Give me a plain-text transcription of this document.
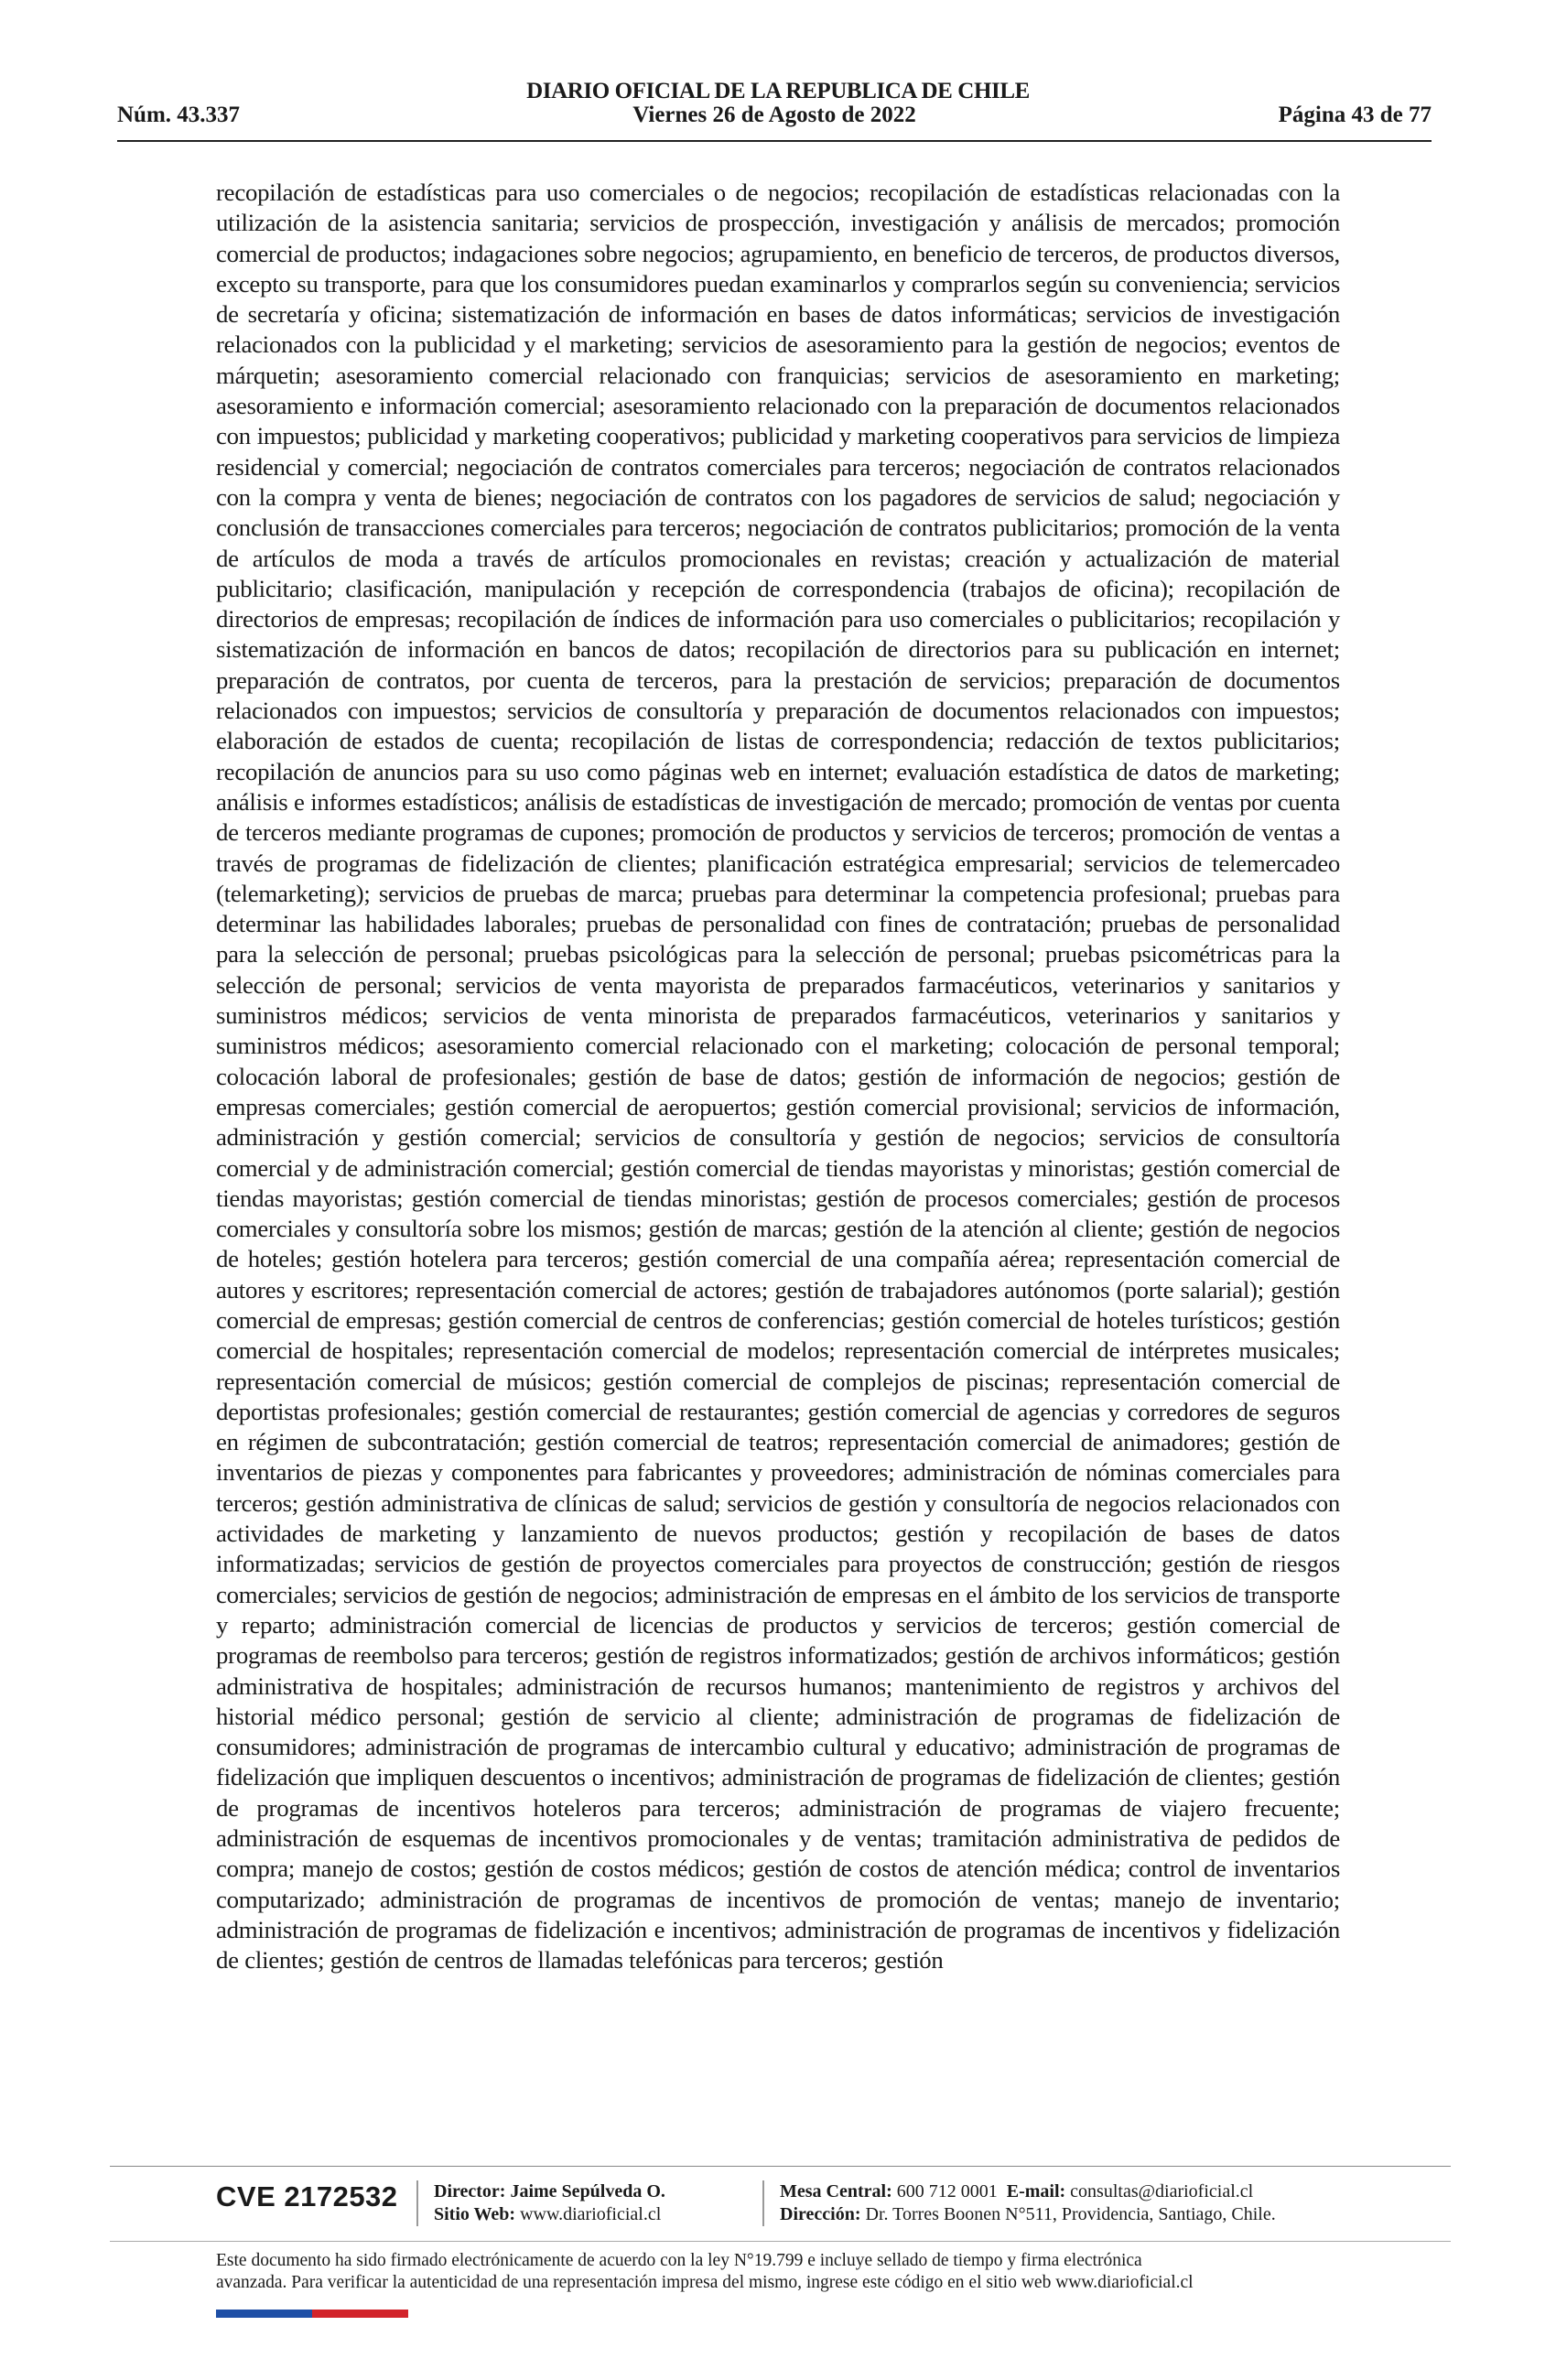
DIARIO OFICIAL DE LA REPUBLICA DE CHILE
Núm. 43.337	Viernes 26 de Agosto de 2022	Página 43 de 77
recopilación de estadísticas para uso comerciales o de negocios; recopilación de estadísticas relacionadas con la utilización de la asistencia sanitaria; servicios de prospección, investigación y análisis de mercados; promoción comercial de productos; indagaciones sobre negocios; agrupamiento, en beneficio de terceros, de productos diversos, excepto su transporte, para que los consumidores puedan examinarlos y comprarlos según su conveniencia; servicios de secretaría y oficina; sistematización de información en bases de datos informáticas; servicios de investigación relacionados con la publicidad y el marketing; servicios de asesoramiento para la gestión de negocios; eventos de márquetin; asesoramiento comercial relacionado con franquicias; servicios de asesoramiento en marketing; asesoramiento e información comercial; asesoramiento relacionado con la preparación de documentos relacionados con impuestos; publicidad y marketing cooperativos; publicidad y marketing cooperativos para servicios de limpieza residencial y comercial; negociación de contratos comerciales para terceros; negociación de contratos relacionados con la compra y venta de bienes; negociación de contratos con los pagadores de servicios de salud; negociación y conclusión de transacciones comerciales para terceros; negociación de contratos publicitarios; promoción de la venta de artículos de moda a través de artículos promocionales en revistas; creación y actualización de material publicitario; clasificación, manipulación y recepción de correspondencia (trabajos de oficina); recopilación de directorios de empresas; recopilación de índices de información para uso comerciales o publicitarios; recopilación y sistematización de información en bancos de datos; recopilación de directorios para su publicación en internet; preparación de contratos, por cuenta de terceros, para la prestación de servicios; preparación de documentos relacionados con impuestos; servicios de consultoría y preparación de documentos relacionados con impuestos; elaboración de estados de cuenta; recopilación de listas de correspondencia; redacción de textos publicitarios; recopilación de anuncios para su uso como páginas web en internet; evaluación estadística de datos de marketing; análisis e informes estadísticos; análisis de estadísticas de investigación de mercado; promoción de ventas por cuenta de terceros mediante programas de cupones; promoción de productos y servicios de terceros; promoción de ventas a través de programas de fidelización de clientes; planificación estratégica empresarial; servicios de telemercadeo (telemarketing); servicios de pruebas de marca; pruebas para determinar la competencia profesional; pruebas para determinar las habilidades laborales; pruebas de personalidad con fines de contratación; pruebas de personalidad para la selección de personal; pruebas psicológicas para la selección de personal; pruebas psicométricas para la selección de personal; servicios de venta mayorista de preparados farmacéuticos, veterinarios y sanitarios y suministros médicos; servicios de venta minorista de preparados farmacéuticos, veterinarios y sanitarios y suministros médicos; asesoramiento comercial relacionado con el marketing; colocación de personal temporal; colocación laboral de profesionales; gestión de base de datos; gestión de información de negocios; gestión de empresas comerciales; gestión comercial de aeropuertos; gestión comercial provisional; servicios de información, administración y gestión comercial; servicios de consultoría y gestión de negocios; servicios de consultoría comercial y de administración comercial; gestión comercial de tiendas mayoristas y minoristas; gestión comercial de tiendas mayoristas; gestión comercial de tiendas minoristas; gestión de procesos comerciales; gestión de procesos comerciales y consultoría sobre los mismos; gestión de marcas; gestión de la atención al cliente; gestión de negocios de hoteles; gestión hotelera para terceros; gestión comercial de una compañía aérea; representación comercial de autores y escritores; representación comercial de actores; gestión de trabajadores autónomos (porte salarial); gestión comercial de empresas; gestión comercial de centros de conferencias; gestión comercial de hoteles turísticos; gestión comercial de hospitales; representación comercial de modelos; representación comercial de intérpretes musicales; representación comercial de músicos; gestión comercial de complejos de piscinas; representación comercial de deportistas profesionales; gestión comercial de restaurantes; gestión comercial de agencias y corredores de seguros en régimen de subcontratación; gestión comercial de teatros; representación comercial de animadores; gestión de inventarios de piezas y componentes para fabricantes y proveedores; administración de nóminas comerciales para terceros; gestión administrativa de clínicas de salud; servicios de gestión y consultoría de negocios relacionados con actividades de marketing y lanzamiento de nuevos productos; gestión y recopilación de bases de datos informatizadas; servicios de gestión de proyectos comerciales para proyectos de construcción; gestión de riesgos comerciales; servicios de gestión de negocios; administración de empresas en el ámbito de los servicios de transporte y reparto; administración comercial de licencias de productos y servicios de terceros; gestión comercial de programas de reembolso para terceros; gestión de registros informatizados; gestión de archivos informáticos; gestión administrativa de hospitales; administración de recursos humanos; mantenimiento de registros y archivos del historial médico personal; gestión de servicio al cliente; administración de programas de fidelización de consumidores; administración de programas de intercambio cultural y educativo; administración de programas de fidelización que impliquen descuentos o incentivos; administración de programas de fidelización de clientes; gestión de programas de incentivos hoteleros para terceros; administración de programas de viajero frecuente; administración de esquemas de incentivos promocionales y de ventas; tramitación administrativa de pedidos de compra; manejo de costos; gestión de costos médicos; gestión de costos de atención médica; control de inventarios computarizado; administración de programas de incentivos de promoción de ventas; manejo de inventario; administración de programas de fidelización e incentivos; administración de programas de incentivos y fidelización de clientes; gestión de centros de llamadas telefónicas para terceros; gestión
CVE 2172532 Director: Jaime Sepúlveda O.
Sitio Web: www.diarioficial.cl
Mesa Central: 600 712 0001 E-mail: consultas@diarioficial.cl
Dirección: Dr. Torres Boonen N°511, Providencia, Santiago, Chile.
Este documento ha sido firmado electrónicamente de acuerdo con la ley N°19.799 e incluye sellado de tiempo y firma electrónica
avanzada. Para verificar la autenticidad de una representación impresa del mismo, ingrese este código en el sitio web www.diarioficial.cl
